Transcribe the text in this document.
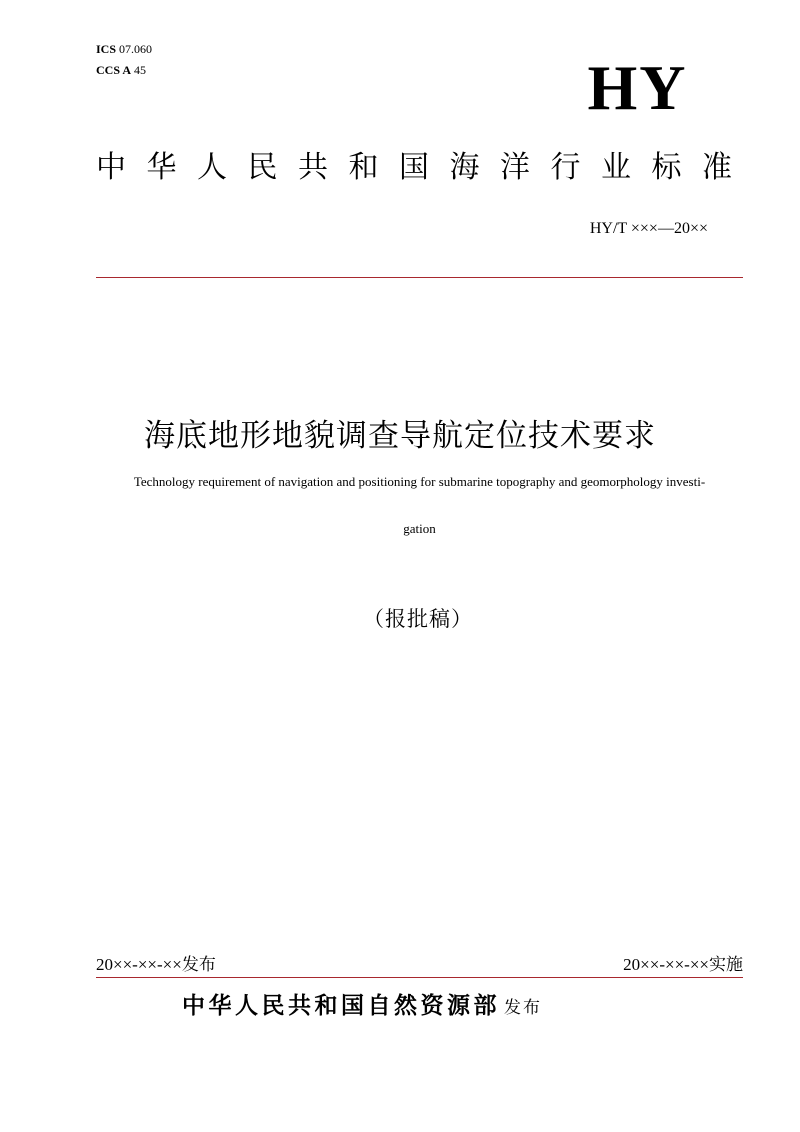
ICS 07.060
CCS A 45	HY
中华人民共和国海洋行业标准
HY/T ×××—20××
海底地形地貌调查导航定位技术要求
Technology requirement of navigation and positioning for submarine topography and geomorphology investi-
gation
（报批稿）
20××-××-××发布	20××-××-××实施
中华人民共和国自然资源部 发布
